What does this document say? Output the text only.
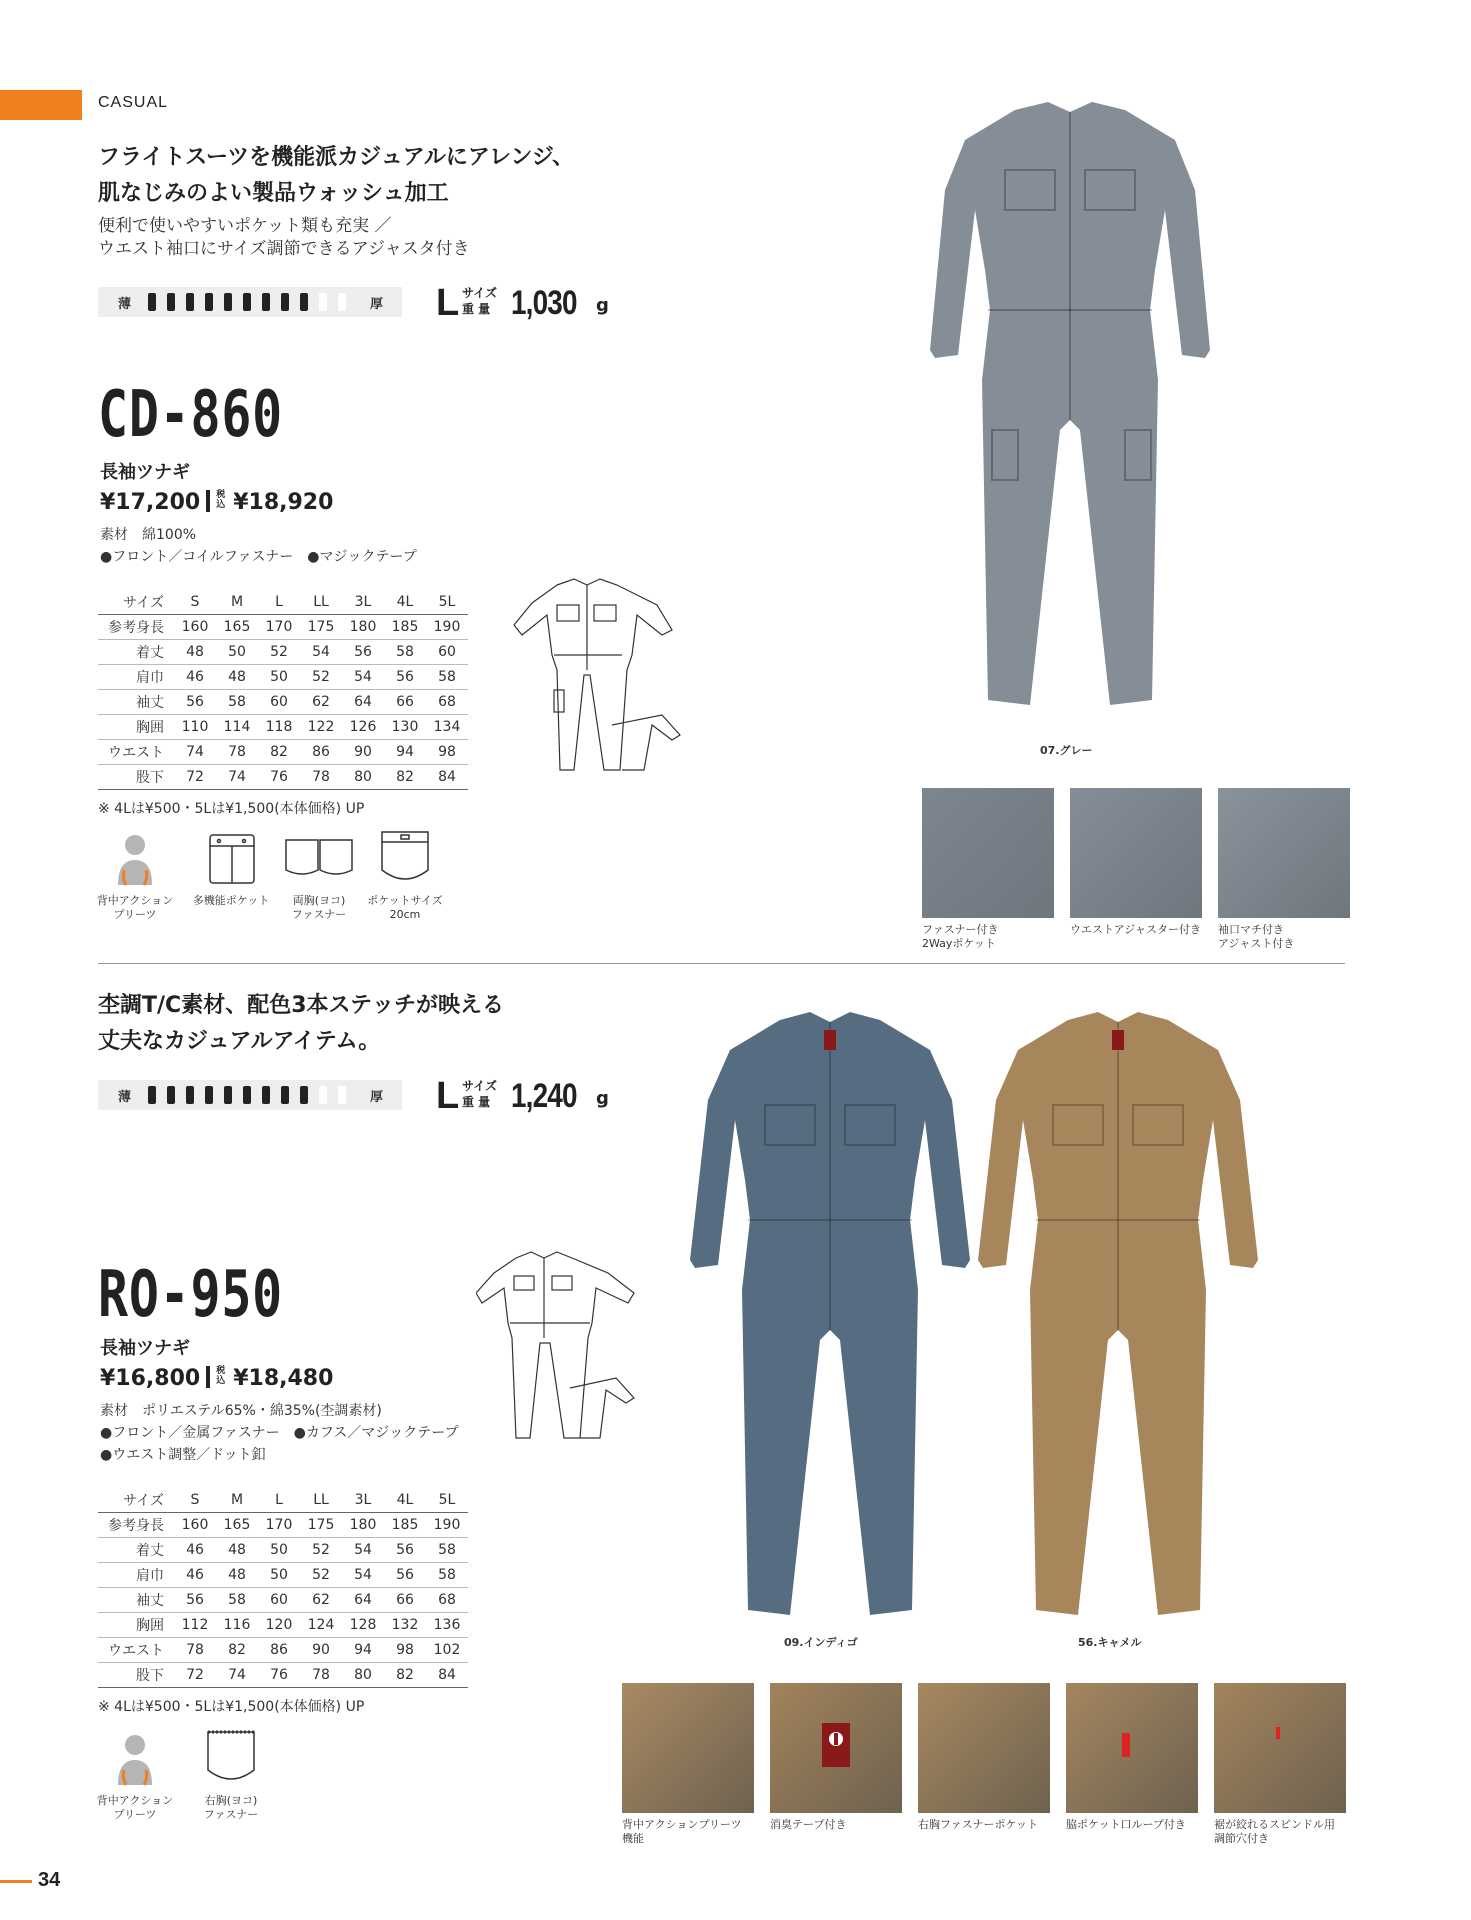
CASUAL
フライトスーツを機能派カジュアルにアレンジ、
肌なじみのよい製品ウォッシュ加工
便利で使いやすいポケット類も充実 ／
ウエスト袖口にサイズ調節できるアジャスタ付き
薄	厚 L サイズ
重 量 1,030 g
CD-860
長袖ツナギ
¥17,200 税込 ¥18,920
素材　 綿100%
●フロント／コイルファスナー　●マジックテープ
サイズ	S	M	L	LL	3L	4L	5L
参考身長	160	165	170	175	180	185	190
着丈	48	50	52	54	56	58	60
肩巾	46	48	50	52	54	56	58
袖丈	56	58	60	62	64	66	68
胸囲	110	114	118	122	126	130	134
ウエスト	74	78	82	86	90	94	98
股下	72	74	76	78	80	82	84
※ 4Lは¥500・5Lは¥1,500(本体価格) UP
背中アクション
プリーツ
多機能ポケット	両胸(ヨコ)
ファスナー
ポケットサイズ
20cm
07.グレー
ファスナー付き
2Wayポケット
ウエストアジャスター付き 袖口マチ付き
アジャスト付き
杢調T/C素材、配色3本ステッチが映える
丈夫なカジュアルアイテム。
薄	厚 L サイズ
重 量 1,240 g
RO-950
長袖ツナギ
¥16,800 税込 ¥18,480
素材　 ポリエステル65%・綿35%(杢調素材)
●フロント／金属ファスナー　●カフス／マジックテープ
●ウエスト調整／ドット釦
サイズ	S	M	L	LL	3L	4L	5L
参考身長	160	165	170	175	180	185	190
着丈	46	48	50	52	54	56	58
肩巾	46	48	50	52	54	56	58
袖丈	56	58	60	62	64	66	68
胸囲	112	116	120	124	128	132	136
ウエスト	78	82	86	90	94	98	102
股下	72	74	76	78	80	82	84
※ 4Lは¥500・5Lは¥1,500(本体価格) UP
背中アクション
プリーツ
右胸(ヨコ)
ファスナー
09.インディゴ	56.キャメル
背中アクションプリーツ
機能
消臭テープ付き	右胸ファスナーポケット	脇ポケット口ループ付き	裾が絞れるスピンドル用
調節穴付き
34
